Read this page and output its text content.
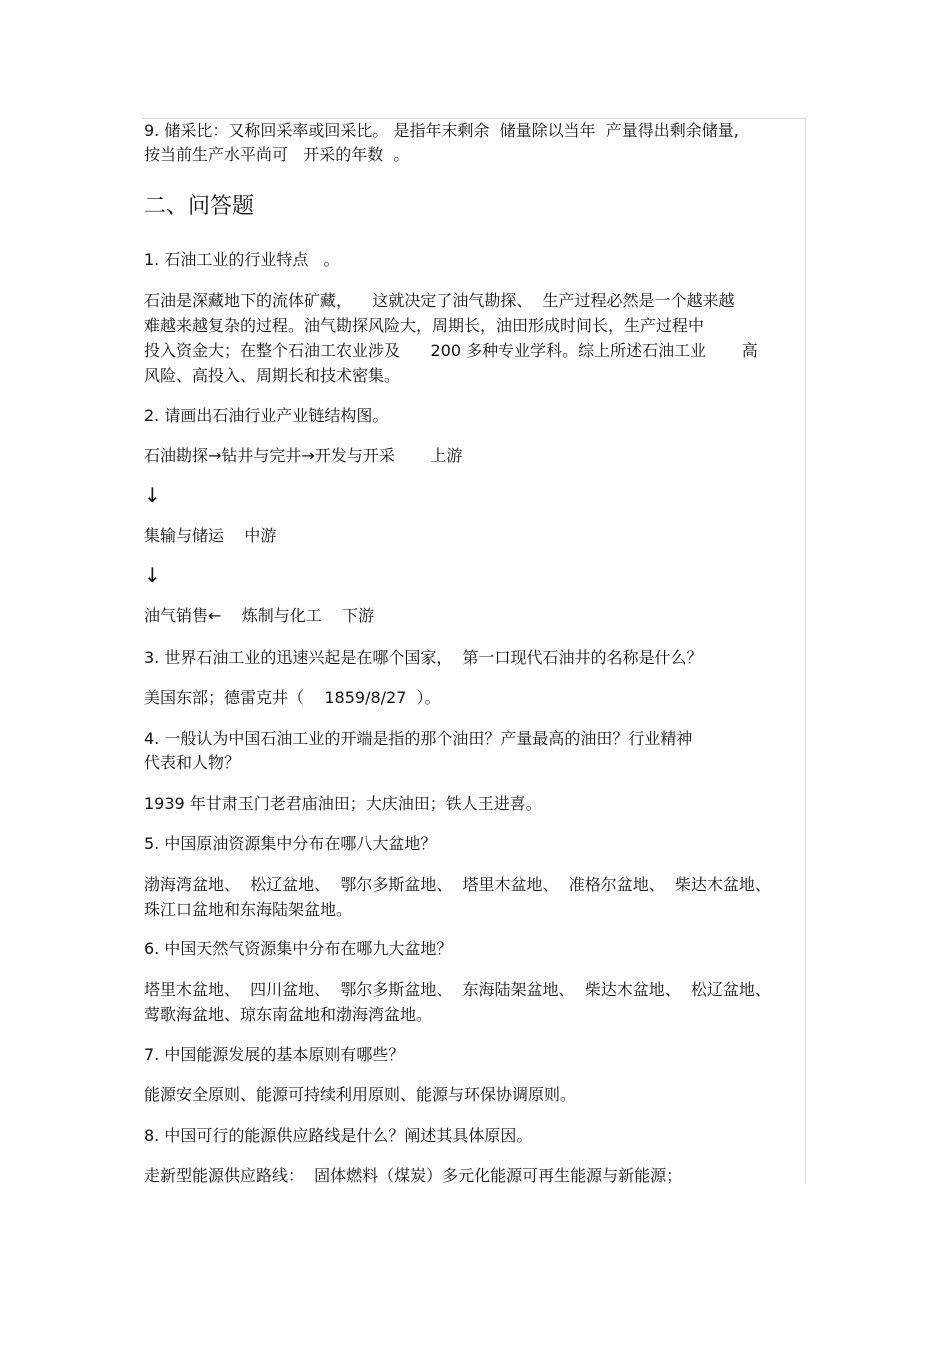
9. 储采比：又称回采率或回采比。 是指年末剩余  储量除以当年  产量得出剩余储量,
按当前生产水平尚可   开采的年数  。
二、问答题
1. 石油工业的行业特点   。
石油是深藏地下的流体矿藏，    这就决定了油气勘探、  生产过程必然是一个越来越
难越来越复杂的过程。油气勘探风险大，周期长，油田形成时间长，生产过程中
投入资金大；在整个石油工农业涉及      200 多种专业学科。综上所述石油工业       高
风险、高投入、周期长和技术密集。
2. 请画出石油行业产业链结构图。
石油勘探→钻井与完井→开发与开采       上游
↓
集输与储运    中游
↓
油气销售←    炼制与化工    下游
3. 世界石油工业的迅速兴起是在哪个国家，  第一口现代石油井的名称是什么？
美国东部；德雷克井（    1859/8/27  ）。
4. 一般认为中国石油工业的开端是指的那个油田？产量最高的油田？行业精神
代表和人物？
1939 年甘肃玉门老君庙油田；大庆油田；铁人王进喜。
5. 中国原油资源集中分布在哪八大盆地？
渤海湾盆地、  松辽盆地、  鄂尔多斯盆地、  塔里木盆地、  准格尔盆地、  柴达木盆地、
珠江口盆地和东海陆架盆地。
6. 中国天然气资源集中分布在哪九大盆地？
塔里木盆地、  四川盆地、  鄂尔多斯盆地、  东海陆架盆地、  柴达木盆地、  松辽盆地、
莺歌海盆地、琼东南盆地和渤海湾盆地。
7. 中国能源发展的基本原则有哪些？
能源安全原则、能源可持续利用原则、能源与环保协调原则。
8. 中国可行的能源供应路线是什么？阐述其具体原因。
走新型能源供应路线：  固体燃料（煤炭）多元化能源可再生能源与新能源；
